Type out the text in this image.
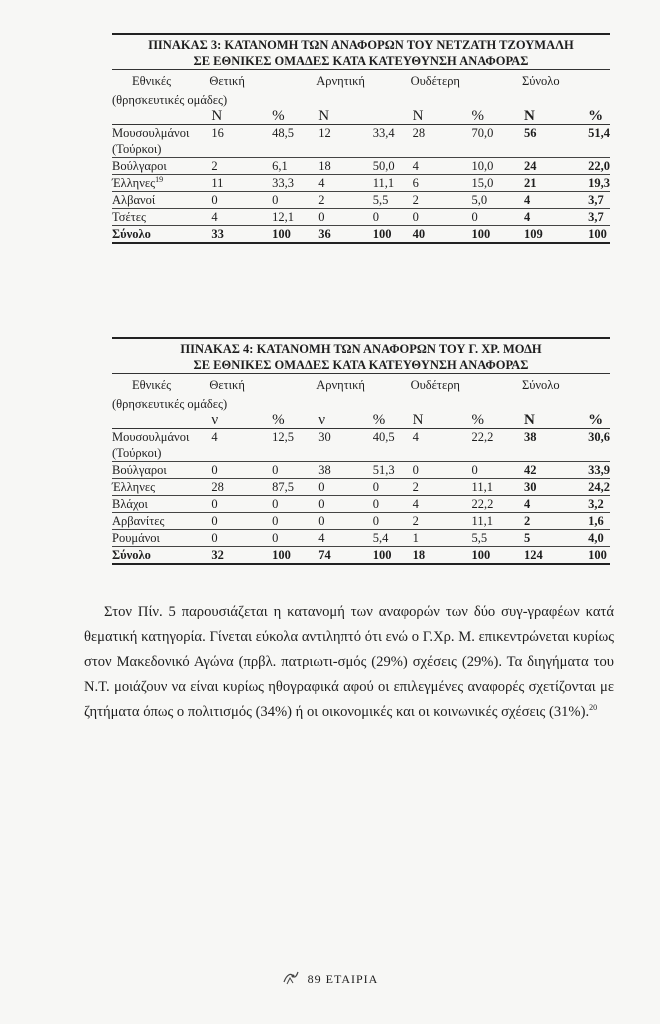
ΠΙΝΑΚΑΣ 3: ΚΑΤΑΝΟΜΗ ΤΩΝ ΑΝΑΦΟΡΩΝ ΤΟΥ ΝΕΤΖΑΤΗ ΤΖΟΥΜΑΛΗ
ΣΕ ΕΘΝΙΚΕΣ ΟΜΑΔΕΣ ΚΑΤΑ ΚΑΤΕΥΘΥΝΣΗ ΑΝΑΦΟΡΑΣ
Εθνικές	Θετική		Αρνητική		Ουδέτερη		Σύνολο	
(θρησκευτικές ομάδες)								
	N	%	N		N	%	N	%
Μουσουλμάνοι
(Τούρκοι)	16	48,5	12	33,4	28	70,0	56	51,4
Βούλγαροι	2	6,1	18	50,0	4	10,0	24	22,0
Έλληνες$^{19}$	11	33,3	4	11,1	6	15,0	21	19,3
Αλβανοί	0	0	2	5,5	2	5,0	4	3,7
Τσέτες	4	12,1	0	0	0	0	4	3,7
Σύνολο	33	100	36	100	40	100	109	100
ΠΙΝΑΚΑΣ 4: ΚΑΤΑΝΟΜΗ ΤΩΝ ΑΝΑΦΟΡΩΝ ΤΟΥ Γ. ΧΡ. ΜΟΔΗ
ΣΕ ΕΘΝΙΚΕΣ ΟΜΑΔΕΣ ΚΑΤΑ ΚΑΤΕΥΘΥΝΣΗ ΑΝΑΦΟΡΑΣ
Εθνικές	Θετική		Αρνητική		Ουδέτερη		Σύνολο	
(θρησκευτικές ομάδες)								
	ν	%	ν	%	N	%	N	%
Μουσουλμάνοι
(Τούρκοι)	4	12,5	30	40,5	4	22,2	38	30,6
Βούλγαροι	0	0	38	51,3	0	0	42	33,9
Έλληνες	28	87,5	0	0	2	11,1	30	24,2
Βλάχοι	0	0	0	0	4	22,2	4	3,2
Αρβανίτες	0	0	0	0	2	11,1	2	1,6
Ρουμάνοι	0	0	4	5,4	1	5,5	5	4,0
Σύνολο	32	100	74	100	18	100	124	100

Στον Πίν. 5 παρουσιάζεται η κατανομή των αναφορών των δύο συγ-γραφέων κατά θεματική κατηγορία. Γίνεται εύκολα αντιληπτό ότι ενώ ο Γ.Χρ. Μ. επικεντρώνεται κυρίως στον Μακεδονικό Αγώνα (πρβλ. πατριωτι-σμός (29%) σχέσεις (29%). Τα διηγήματα του Ν.Τ. μοιάζουν να είναι κυρίως ηθογραφικά αφού οι επιλεγμένες αναφορές σχετίζονται με ζητήματα όπως ο πολιτισμός (34%) ή οι οικονομικές και οι κοινωνικές σχέσεις (31%).$^{20}$

89 ΕΤΑΙΡΙΑ
